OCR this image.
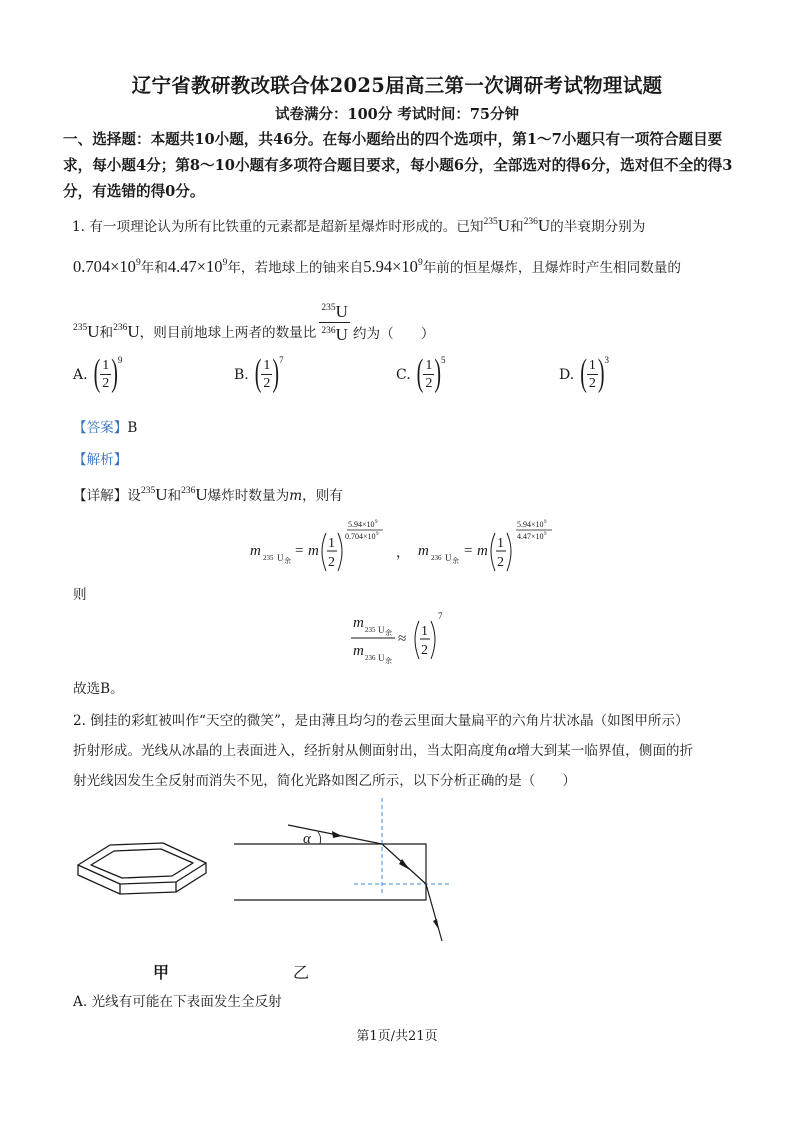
辽宁省教研教改联合体2025届高三第一次调研考试物理试题
试卷满分：100分 考试时间：75分钟
一、选择题：本题共10小题，共46分。在每小题给出的四个选项中，第1～7小题只有一项符合题目要求，每小题4分；第8～10小题有多项符合题目要求，每小题6分，全部选对的得6分，选对但不全的得3分，有选错的得0分。
1. 有一项理论认为所有比铁重的元素都是超新星爆炸时形成的。已知$^{235}$U和$^{236}$U的半衰期分别为
$0.704\times 10^9$年和$4.47\times 10^9$年，若地球上的铀来自$5.94\times 10^9$年前的恒星爆炸，且爆炸时产生相同数量的
$^{235}$U和$^{236}$U，则目前地球上两者的数量比 $\frac{^{235}U}{^{236}U}$ 约为（　　）
A. ( $\frac{1}{2}$ ) 9
B. ( $\frac{1}{2}$ ) 7
C. ( $\frac{1}{2}$ ) 5
D. ( $\frac{1}{2}$ ) 3
【答案】B
【解析】
【详解】设$^{235}$U和$^{236}$U爆炸时数量为m，则有
m 235 U 余
= m 1
2
5.94×10 9
0.704×10 9
， m 236 U 余
= m 1
2
5.94×10 9
4.47×10 9
则
m 235 U 余
m 236 U 余
≈ 1
2
7
故选B。
2. 倒挂的彩虹被叫作“天空的微笑”，是由薄且均匀的卷云里面大量扁平的六角片状冰晶（如图甲所示）
折射形成。光线从冰晶的上表面进入，经折射从侧面射出，当太阳高度角α增大到某一临界值，侧面的折
射光线因发生全反射而消失不见，简化光路如图乙所示，以下分析正确的是（　　）
α
甲	乙
A. 光线有可能在下表面发生全反射
第1页/共21页
